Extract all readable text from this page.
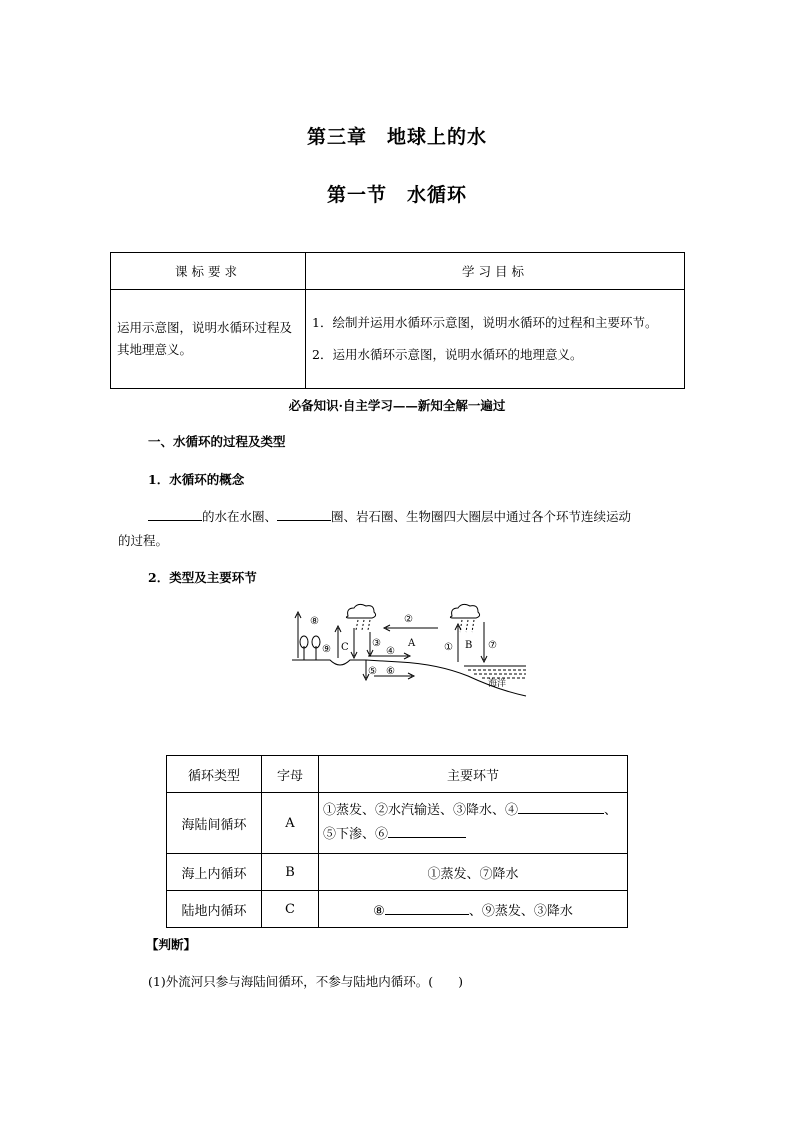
第三章　地球上的水
第一节　水循环
课标要求	学习目标
运用示意图，说明水循环过程及其地理意义。	1．绘制并运用水循环示意图，说明水循环的过程和主要环节。

2．运用水循环示意图，说明水循环的地理意义。

必备知识·自主学习——新知全解一遍过
一、水循环的过程及类型
1．水循环的概念
的水在水圈、	圈、岩石圈、生物圈四大圈层中通过各个环节连续运动
的过程。
2．类型及主要环节
⑧
⑨ C
②
③	A
④
⑤ ⑥
① B ⑦
海洋
循环类型	字母	主要环节
海陆间循环	A	①蒸发、②水汽输送、③降水、④ 、
⑤下渗、⑥

海上内循环	B	①蒸发、⑦降水
陆地内循环	C	⑧ 、⑨蒸发、③降水
【判断】
(1)外流河只参与海陆间循环，不参与陆地内循环。(　　)
